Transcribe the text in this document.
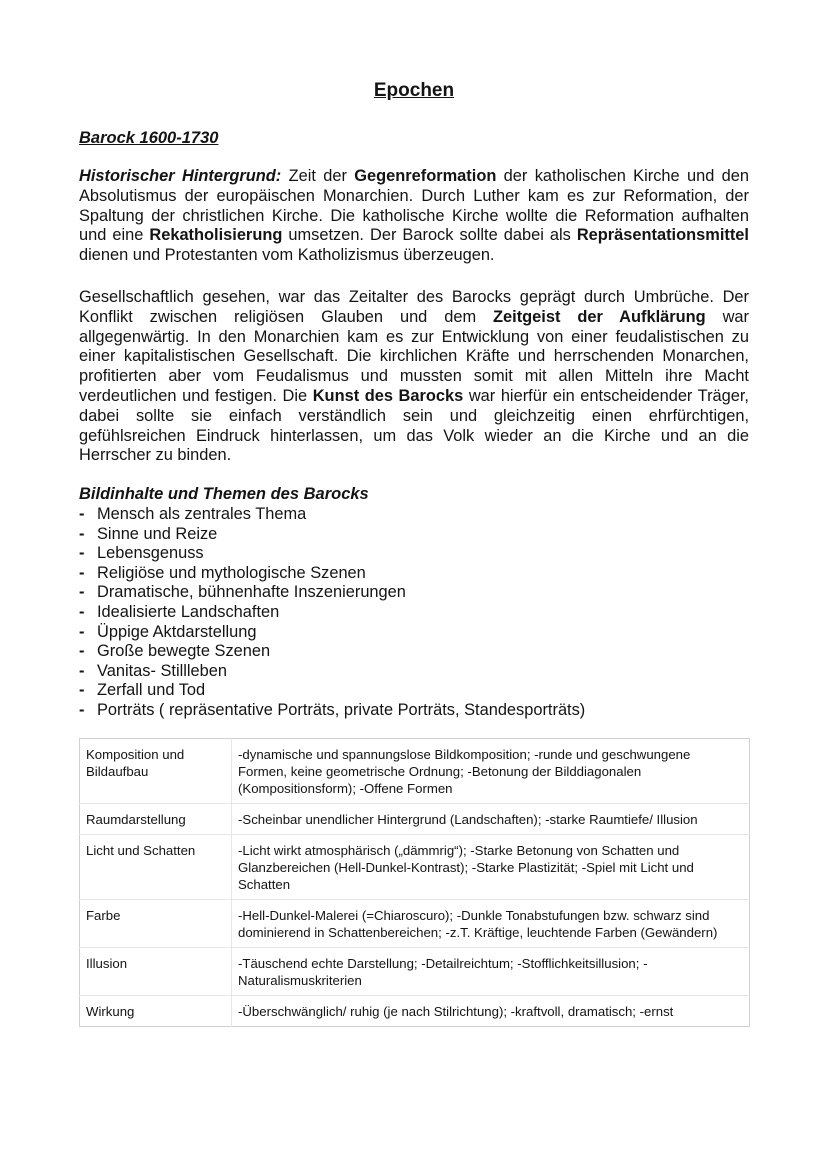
Epochen
Barock 1600-1730
Historischer Hintergrund: Zeit der Gegenreformation der katholischen Kirche und den Absolutismus der europäischen Monarchien. Durch Luther kam es zur Reformation, der Spaltung der christlichen Kirche. Die katholische Kirche wollte die Reformation aufhalten und eine Rekatholisierung umsetzen. Der Barock sollte dabei als Repräsentationsmittel dienen und Protestanten vom Katholizismus überzeugen.
Gesellschaftlich gesehen, war das Zeitalter des Barocks geprägt durch Umbrüche. Der Konflikt zwischen religiösen Glauben und dem Zeitgeist der Aufklärung war allgegenwärtig. In den Monarchien kam es zur Entwicklung von einer feudalistischen zu einer kapitalistischen Gesellschaft. Die kirchlichen Kräfte und herrschenden Monarchen, profitierten aber vom Feudalismus und mussten somit mit allen Mitteln ihre Macht verdeutlichen und festigen. Die Kunst des Barocks war hierfür ein entscheidender Träger, dabei sollte sie einfach verständlich sein und gleichzeitig einen ehrfürchtigen, gefühlsreichen Eindruck hinterlassen, um das Volk wieder an die Kirche und an die Herrscher zu binden.
Bildinhalte und Themen des Barocks
- Mensch als zentrales Thema
- Sinne und Reize
- Lebensgenuss
- Religiöse und mythologische Szenen
- Dramatische, bühnenhafte Inszenierungen
- Idealisierte Landschaften
- Üppige Aktdarstellung
- Große bewegte Szenen
- Vanitas- Stillleben
- Zerfall und Tod
- Porträts ( repräsentative Porträts, private Porträts, Standesporträts)
Komposition und Bildaufbau	-dynamische und spannungslose Bildkomposition; -runde und geschwungene Formen, keine geometrische Ordnung; -Betonung der Bilddiagonalen (Kompositionsform); -Offene Formen
Raumdarstellung	-Scheinbar unendlicher Hintergrund (Landschaften); -starke Raumtiefe/ Illusion
Licht und Schatten	-Licht wirkt atmosphärisch („dämmrig“); -Starke Betonung von Schatten und Glanzbereichen (Hell-Dunkel-Kontrast); -Starke Plastizität; -Spiel mit Licht und Schatten
Farbe	-Hell-Dunkel-Malerei (=Chiaroscuro); -Dunkle Tonabstufungen bzw. schwarz sind dominierend in Schattenbereichen; -z.T. Kräftige, leuchtende Farben (Gewändern)
Illusion	-Täuschend echte Darstellung; -Detailreichtum; -Stofflichkeitsillusion; -Naturalismuskriterien
Wirkung	-Überschwänglich/ ruhig (je nach Stilrichtung); -kraftvoll, dramatisch; -ernst
